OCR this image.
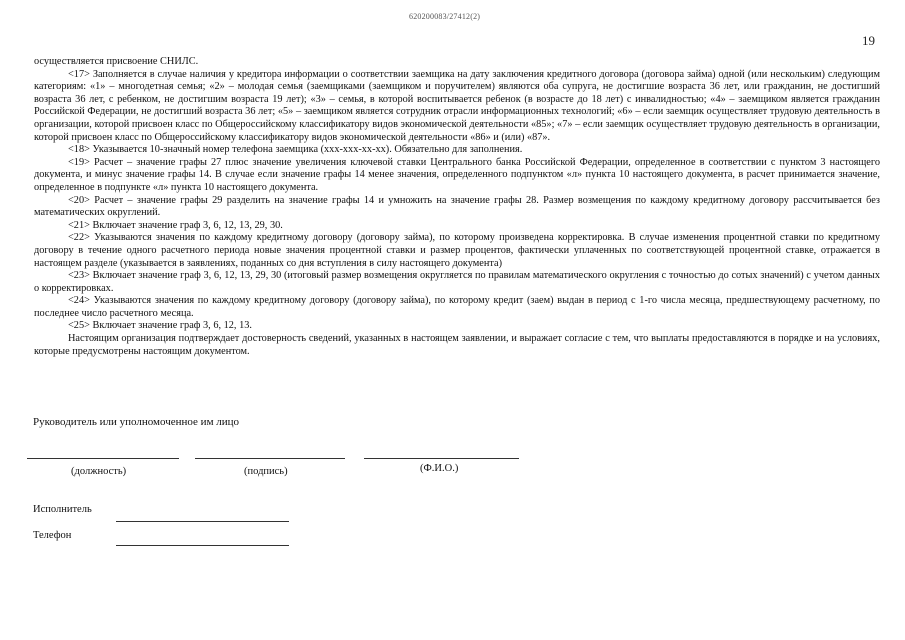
620200083/27412(2)
19

осуществляется присвоение СНИЛС.

<17> Заполняется в случае наличия у кредитора информации о соответствии заемщика на дату заключения кредитного договора (договора займа) одной (или нескольким) следующим категориям: «1» – многодетная семья; «2» – молодая семья (заемщиками (заемщиком и поручителем) являются оба супруга, не достигшие возраста 36 лет, или гражданин, не достигший возраста 36 лет, с ребенком, не достигшим возраста 19 лет); «3» – семья, в которой воспитывается ребенок (в возрасте до 18 лет) с инвалидностью; «4» – заемщиком является гражданин Российской Федерации, не достигший возраста 36 лет; «5» – заемщиком является сотрудник отрасли информационных технологий; «6» – если заемщик осуществляет трудовую деятельность в организации, которой присвоен класс по Общероссийскому классификатору видов экономической деятельности «85»; «7» – если заемщик осуществляет трудовую деятельность в организации, которой присвоен класс по Общероссийскому классификатору видов экономической деятельности «86» и (или) «87».

<18> Указывается 10-значный номер телефона заемщика (xxx-xxx-xx-xx). Обязательно для заполнения.

<19> Расчет – значение графы 27 плюс значение увеличения ключевой ставки Центрального банка Российской Федерации, определенное в соответствии с пунктом 3 настоящего документа, и минус значение графы 14. В случае если значение графы 14 менее значения, определенного подпунктом «л» пункта 10 настоящего документа, в расчет принимается значение, определенное в подпункте «л» пункта 10 настоящего документа.

<20> Расчет – значение графы 29 разделить на значение графы 14 и умножить на значение графы 28. Размер возмещения по каждому кредитному договору рассчитывается без математических округлений.

<21> Включает значение граф 3, 6, 12, 13, 29, 30.

<22> Указываются значения по каждому кредитному договору (договору займа), по которому произведена корректировка. В случае изменения процентной ставки по кредитному договору в течение одного расчетного периода новые значения процентной ставки и размер процентов, фактически уплаченных по соответствующей процентной ставке, отражается в настоящем разделе (указывается в заявлениях, поданных со дня вступления в силу настоящего документа)

<23> Включает значение граф 3, 6, 12, 13, 29, 30 (итоговый размер возмещения округляется по правилам математического округления с точностью до сотых значений) с учетом данных о корректировках.

<24> Указываются значения по каждому кредитному договору (договору займа), по которому кредит (заем) выдан в период с 1-го числа месяца, предшествующему расчетному, по последнее число расчетного месяца.

<25> Включает значение граф 3, 6, 12, 13.

Настоящим организация подтверждает достоверность сведений, указанных в настоящем заявлении, и выражает согласие с тем, что выплаты предоставляются в порядке и на условиях, которые предусмотрены настоящим документом.

Руководитель или уполномоченное им лицо
(должность)	(подпись)	(Ф.И.О.)
Исполнитель
Телефон
